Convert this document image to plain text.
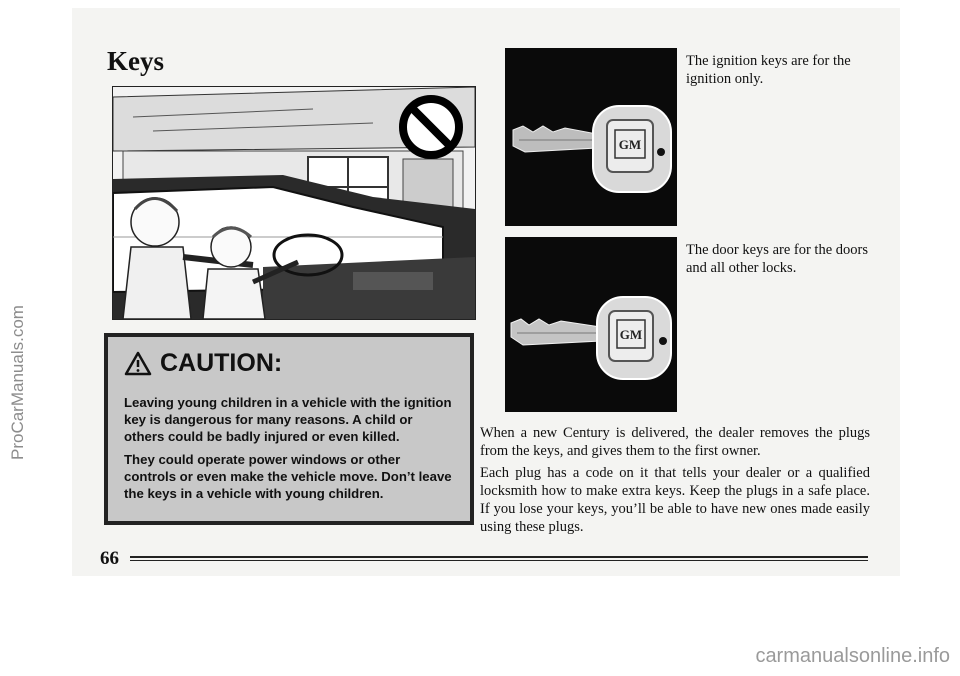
ProCarManuals.com
Keys
CAUTION:

Leaving young children in a vehicle with the ignition key is dangerous for many reasons. A child or others could be badly injured or even killed.

They could operate power windows or other controls or even make the vehicle move. Don’t leave the keys in a vehicle with young children.

GM
GM

The ignition keys are for the ignition only.

The door keys are for the doors and all other locks.

When a new Century is delivered, the dealer removes the plugs from the keys, and gives them to the first owner.

Each plug has a code on it that tells your dealer or a qualified locksmith how to make extra keys. Keep the plugs in a safe place. If you lose your keys, you’ll be able to have new ones made easily using these plugs.

66
carmanualsonline.info
